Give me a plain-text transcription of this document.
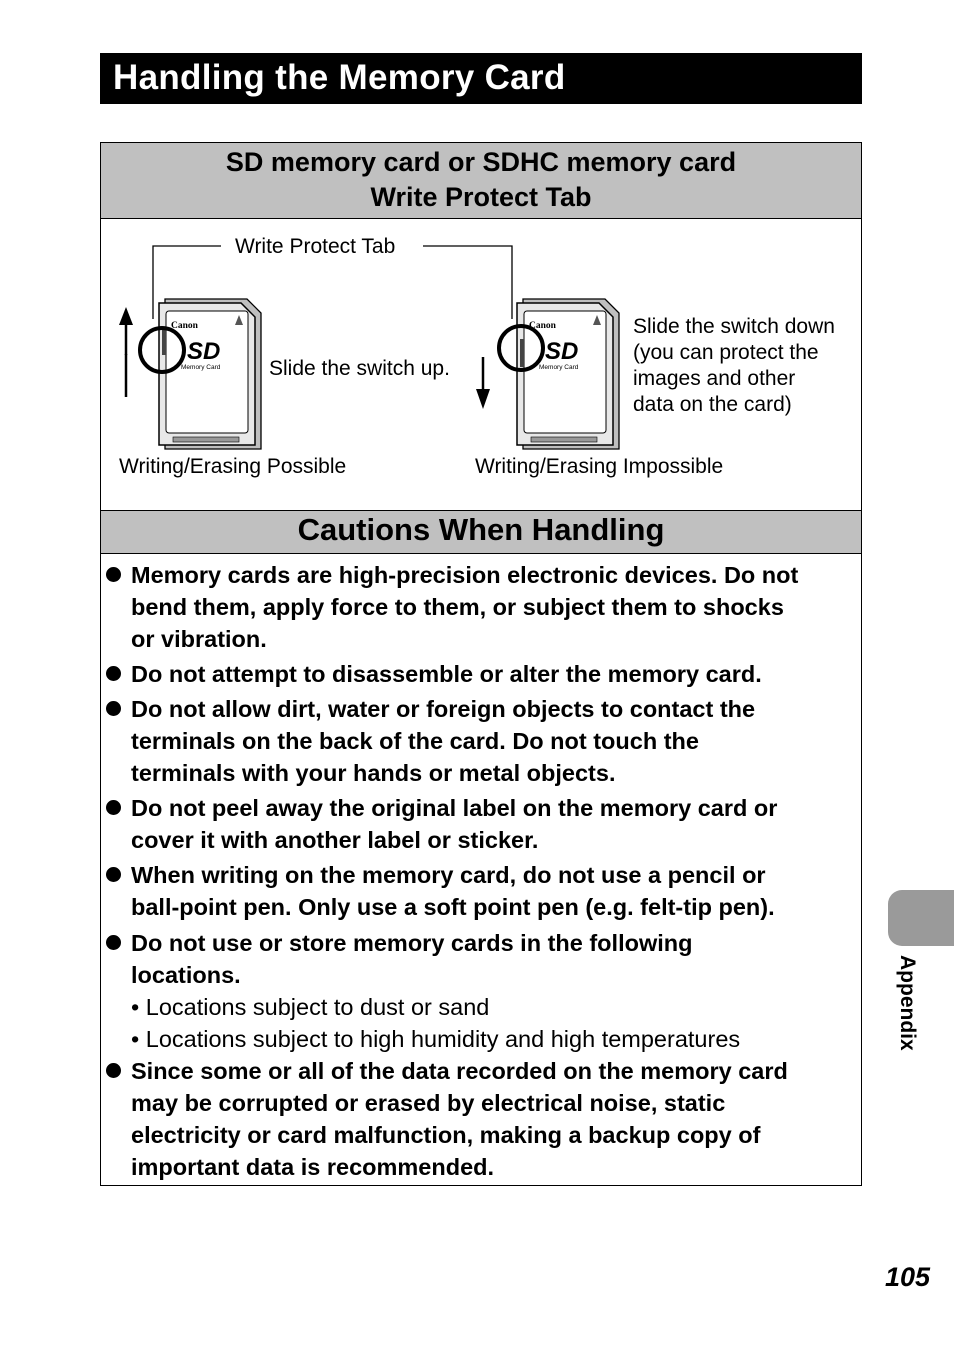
Handling the Memory Card
SD memory card or SDHC memory card
Write Protect Tab
Canon
SD
Memory Card
Canon
SD
Memory Card
Write Protect Tab
Slide the switch up.
Slide the switch down
(you can protect the
images and other
data on the card)
Writing/Erasing Possible	Writing/Erasing Impossible
Cautions When Handling
Memory cards are high-precision electronic devices. Do not
bend them, apply force to them, or subject them to shocks
or vibration.
Do not attempt to disassemble or alter the memory card.
Do not allow dirt, water or foreign objects to contact the
terminals on the back of the card. Do not touch the
terminals with your hands or metal objects.
Do not peel away the original label on the memory card or
cover it with another label or sticker.
When writing on the memory card, do not use a pencil or
ball-point pen. Only use a soft point pen (e.g. felt-tip pen).
Do not use or store memory cards in the following
locations.
• Locations subject to dust or sand
• Locations subject to high humidity and high temperatures
Since some or all of the data recorded on the memory card
may be corrupted or erased by electrical noise, static
electricity or card malfunction, making a backup copy of
important data is recommended.
Appendix
105
